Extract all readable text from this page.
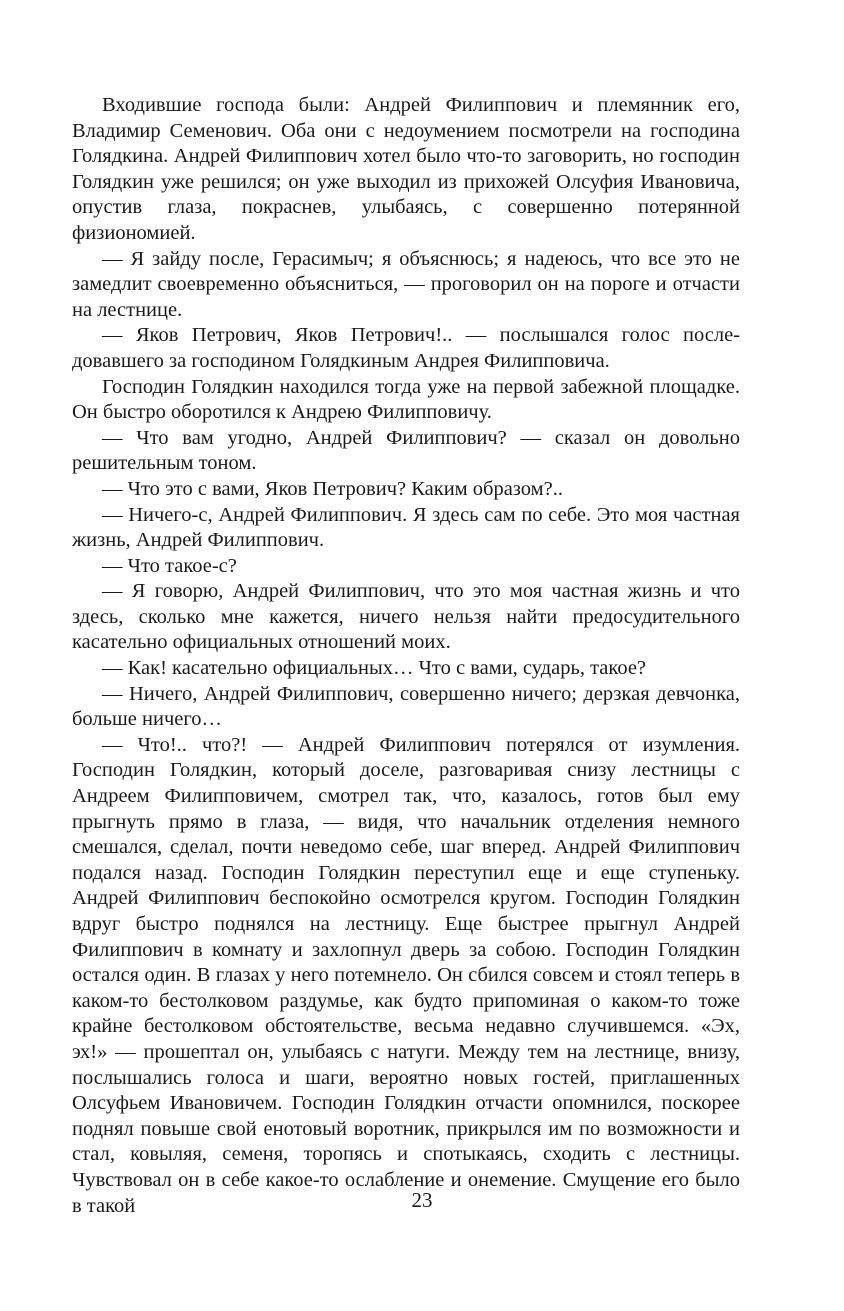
Входившие господа были: Андрей Филиппович и племянник его, Владимир Семенович. Оба они с недоумением посмотрели на господина Голядкина. Андрей Филиппович хотел было что-то заговорить, но господин Голядкин уже решился; он уже выходил из прихожей Олсуфия Ивановича, опустив глаза, покраснев, улыбаясь, с совершенно потерянной физиономией.

— Я зайду после, Герасимыч; я объяснюсь; я надеюсь, что все это не замедлит своевременно объясниться, — проговорил он на пороге и отчасти на лестнице.

— Яков Петрович, Яков Петрович!.. — послышался голос последовавшего за господином Голядкиным Андрея Филипповича.

Господин Голядкин находился тогда уже на первой забежной площадке. Он быстро оборотился к Андрею Филипповичу.

— Что вам угодно, Андрей Филиппович? — сказал он довольно решительным тоном.

— Что это с вами, Яков Петрович? Каким образом?..

— Ничего-с, Андрей Филиппович. Я здесь сам по себе. Это моя частная жизнь, Андрей Филиппович.

— Что такое-с?

— Я говорю, Андрей Филиппович, что это моя частная жизнь и что здесь, сколько мне кажется, ничего нельзя найти предосудительного касательно официальных отношений моих.

— Как! касательно официальных… Что с вами, сударь, такое?

— Ничего, Андрей Филиппович, совершенно ничего; дерзкая девчонка, больше ничего…

— Что!.. что?! — Андрей Филиппович потерялся от изумления. Господин Голядкин, который доселе, разговаривая снизу лестницы с Андреем Филипповичем, смотрел так, что, казалось, готов был ему прыгнуть прямо в глаза, — видя, что начальник отделения немного смешался, сделал, почти неведомо себе, шаг вперед. Андрей Филиппович подался назад. Господин Голядкин переступил еще и еще ступеньку. Андрей Филиппович беспокойно осмотрелся кругом. Господин Голядкин вдруг быстро поднялся на лестницу. Еще быстрее прыгнул Андрей Филиппович в комнату и захлопнул дверь за собою. Господин Голядкин остался один. В глазах у него потемнело. Он сбился совсем и стоял теперь в каком-то бестолковом раздумье, как будто припоминая о каком-то тоже крайне бестолковом обстоятельстве, весьма недавно случившемся. «Эх, эх!» — прошептал он, улыбаясь с натуги. Между тем на лестнице, внизу, послышались голоса и шаги, вероятно новых гостей, приглашенных Олсуфьем Ивановичем. Господин Голядкин отчасти опомнился, поскорее поднял повыше свой енотовый воротник, прикрылся им по возможности и стал, ковыляя, семеня, торопясь и спотыкаясь, сходить с лестницы. Чувствовал он в себе какое-то ослабление и онемение. Смущение его было в такой	23
